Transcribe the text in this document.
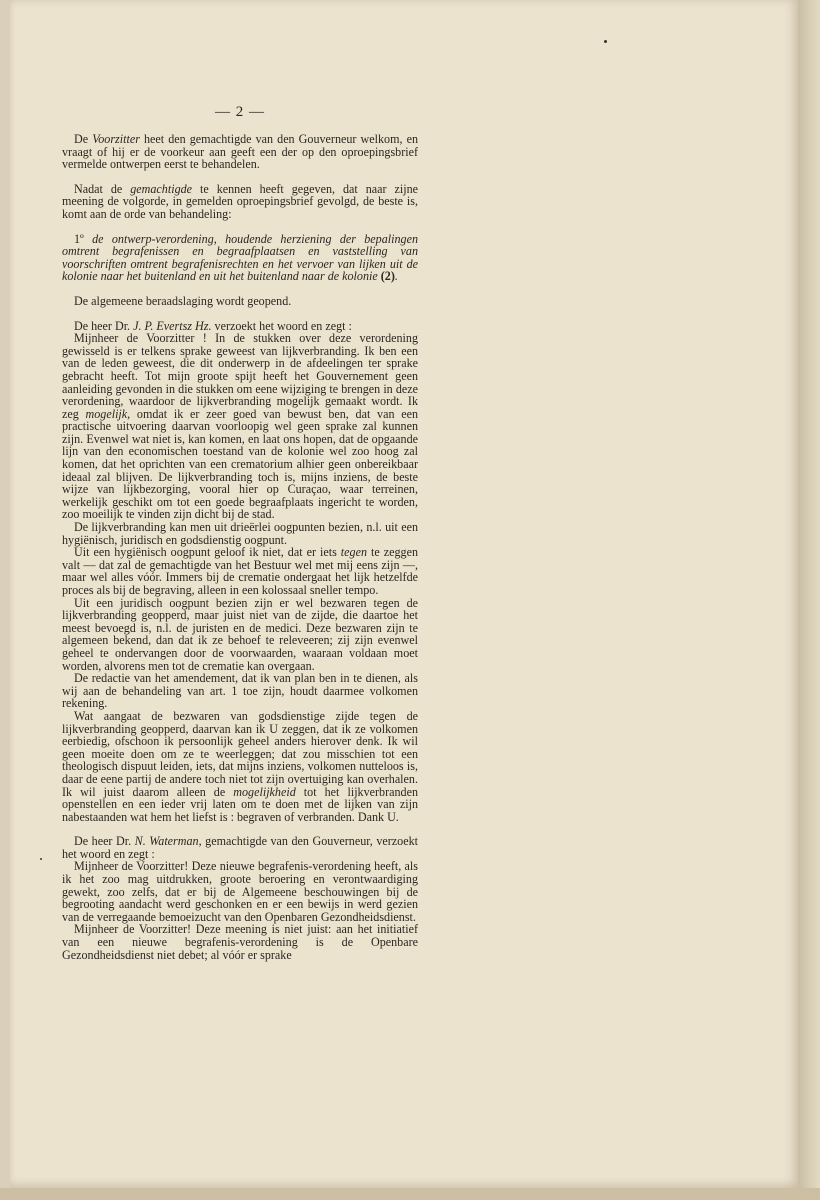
— 2 —

De Voorzitter heet den gemachtigde van den Gouverneur welkom, en vraagt of hij er de voorkeur aan geeft een der op den oproepingsbrief vermelde ontwerpen eerst te behandelen.

Nadat de gemachtigde te kennen heeft gegeven, dat naar zijne meening de volgorde, in gemelden oproepingsbrief gevolgd, de beste is, komt aan de orde van behandeling:

1º de ontwerp-verordening, houdende herziening der bepalingen omtrent begrafenissen en begraafplaatsen en vaststelling van voorschriften omtrent begrafenisrechten en het vervoer van lijken uit de kolonie naar het buitenland en uit het buitenland naar de kolonie (2).

De algemeene beraadslaging wordt geopend.

De heer Dr. J. P. Evertsz Hz. verzoekt het woord en zegt :

Mijnheer de Voorzitter ! In de stukken over deze verordening gewisseld is er telkens sprake geweest van lijkverbranding. Ik ben een van de leden geweest, die dit onderwerp in de afdeelingen ter sprake gebracht heeft. Tot mijn groote spijt heeft het Gouvernement geen aanleiding gevonden in die stukken om eene wijziging te brengen in deze verordening, waardoor de lijkverbranding mogelijk gemaakt wordt. Ik zeg mogelijk, omdat ik er zeer goed van bewust ben, dat van een practische uitvoering daarvan voorloopig wel geen sprake zal kunnen zijn. Evenwel wat niet is, kan komen, en laat ons hopen, dat de opgaande lijn van den economischen toestand van de kolonie wel zoo hoog zal komen, dat het oprichten van een crematorium alhier geen onbereikbaar ideaal zal blijven. De lijkverbranding toch is, mijns inziens, de beste wijze van lijkbezorging, vooral hier op Curaçao, waar terreinen, werkelijk geschikt om tot een goede begraafplaats ingericht te worden, zoo moeilijk te vinden zijn dicht bij de stad.

De lijkverbranding kan men uit drieërlei oogpunten bezien, n.l. uit een hygiënisch, juridisch en godsdienstig oogpunt.

Uit een hygiënisch oogpunt geloof ik niet, dat er iets tegen te zeggen valt — dat zal de gemachtigde van het Bestuur wel met mij eens zijn —, maar wel alles vóór. Immers bij de crematie ondergaat het lijk hetzelfde proces als bij de begraving, alleen in een kolossaal sneller tempo.

Uit een juridisch oogpunt bezien zijn er wel bezwaren tegen de lijkverbranding geopperd, maar juist niet van de zijde, die daartoe het meest bevoegd is, n.l. de juristen en de medici. Deze bezwaren zijn te algemeen bekend, dan dat ik ze behoef te releveeren; zij zijn evenwel geheel te ondervangen door de voorwaarden, waaraan voldaan moet worden, alvorens men tot de crematie kan overgaan.

De redactie van het amendement, dat ik van plan ben in te dienen, als wij aan de behandeling van art. 1 toe zijn, houdt daarmee volkomen rekening.

Wat aangaat de bezwaren van godsdienstige zijde tegen de lijkverbranding geopperd, daarvan kan ik U zeggen, dat ik ze volkomen eerbiedig, ofschoon ik persoonlijk geheel anders hierover denk. Ik wil geen moeite doen om ze te weerleggen; dat zou misschien tot een theologisch dispuut leiden, iets, dat mijns inziens, volkomen nutteloos is, daar de eene partij de andere toch niet tot zijn overtuiging kan overhalen. Ik wil juist daarom alleen de mogelijkheid tot het lijkverbranden openstellen en een ieder vrij laten om te doen met de lijken van zijn nabestaanden wat hem het liefst is : begraven of verbranden. Dank U.

De heer Dr. N. Waterman, gemachtigde van den Gouverneur, verzoekt het woord en zegt :

Mijnheer de Voorzitter! Deze nieuwe begrafenis-verordening heeft, als ik het zoo mag uitdrukken, groote beroering en verontwaardiging gewekt, zoo zelfs, dat er bij de Algemeene beschouwingen bij de begrooting aandacht werd geschonken en er een bewijs in werd gezien van de verregaande bemoeizucht van den Openbaren Gezondheidsdienst.

Mijnheer de Voorzitter! Deze meening is niet juist: aan het initiatief van een nieuwe begrafenis-verordening is de Openbare Gezondheidsdienst niet debet; al vóór er sprake
